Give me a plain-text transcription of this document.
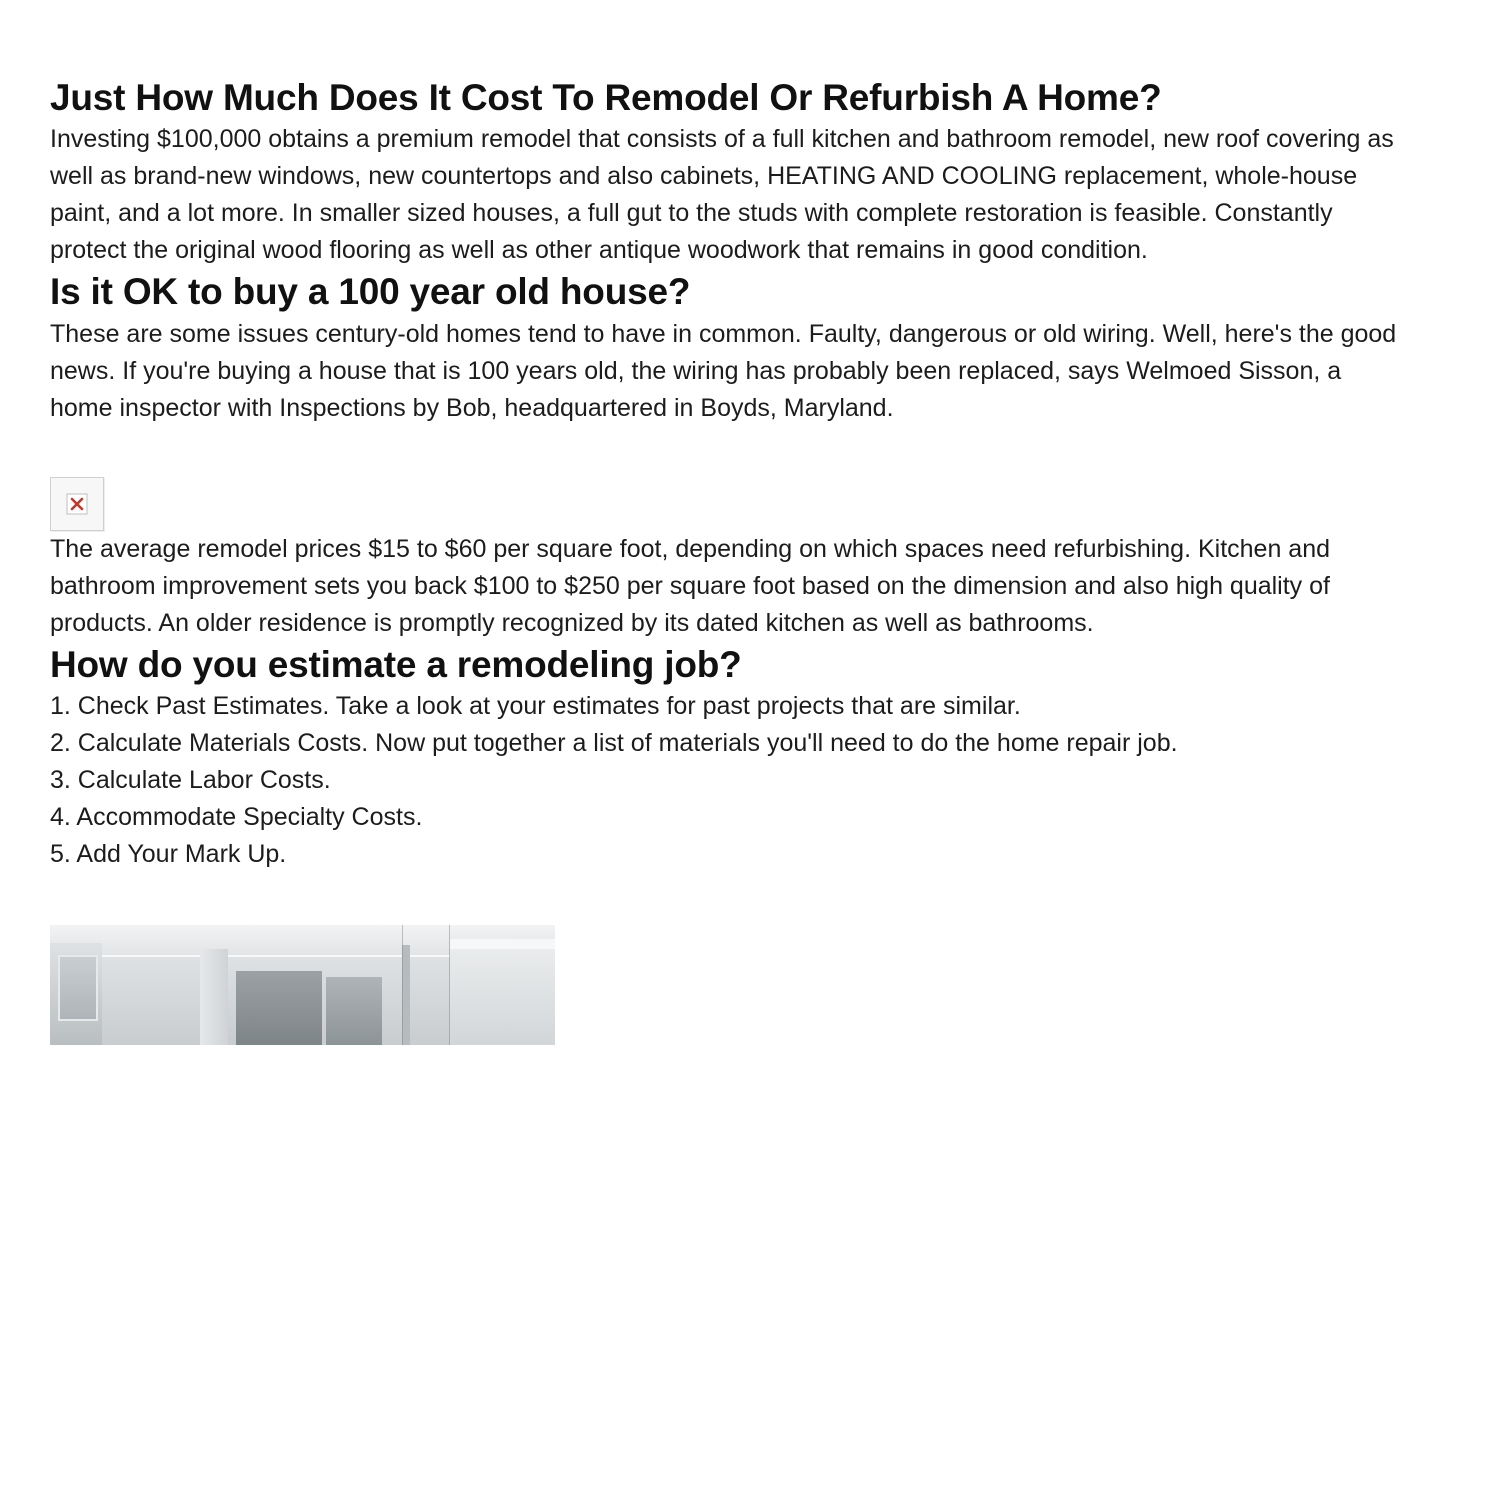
Just How Much Does It Cost To Remodel Or Refurbish A Home?

Investing $100,000 obtains a premium remodel that consists of a full kitchen and bathroom remodel, new roof covering as well as brand-new windows, new countertops and also cabinets, HEATING AND COOLING replacement, whole-house paint, and a lot more. In smaller sized houses, a full gut to the studs with complete restoration is feasible. Constantly protect the original wood flooring as well as other antique woodwork that remains in good condition.

Is it OK to buy a 100 year old house?

These are some issues century-old homes tend to have in common. Faulty, dangerous or old wiring. Well, here's the good news. If you're buying a house that is 100 years old, the wiring has probably been replaced, says Welmoed Sisson, a home inspector with Inspections by Bob, headquartered in Boyds, Maryland.

The average remodel prices $15 to $60 per square foot, depending on which spaces need refurbishing. Kitchen and bathroom improvement sets you back $100 to $250 per square foot based on the dimension and also high quality of products. An older residence is promptly recognized by its dated kitchen as well as bathrooms.

How do you estimate a remodeling job?

1. Check Past Estimates. Take a look at your estimates for past projects that are similar.

2. Calculate Materials Costs. Now put together a list of materials you'll need to do the home repair job.

3. Calculate Labor Costs.

4. Accommodate Specialty Costs.

5. Add Your Mark Up.
